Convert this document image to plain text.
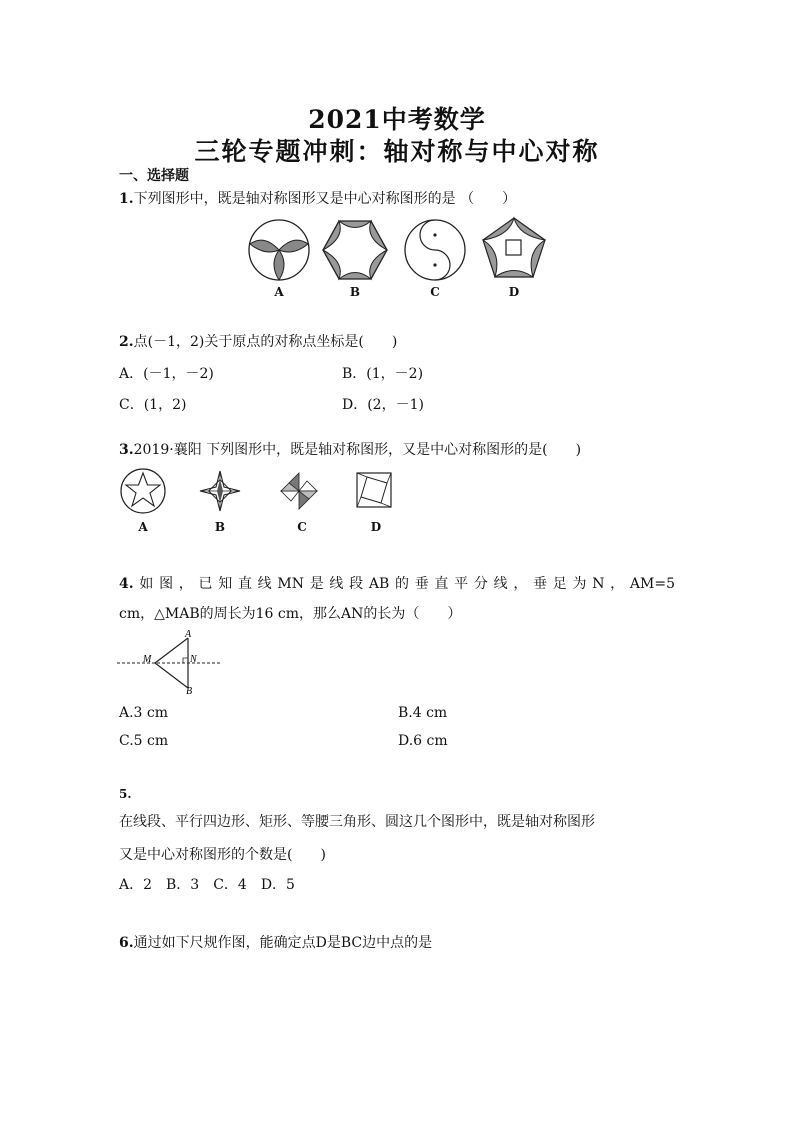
2021中考数学
三轮专题冲刺：轴对称与中心对称
一、选择题
1.下列图形中，既是轴对称图形又是中心对称图形的是 （　　）
A	B	C	D
2.点(－1，2)关于原点的对称点坐标是(　　)
A．(－1，－2)	B．(1，－2)
C．(1，2)	D．(2，－1)
3.2019·襄阳 下列图形中，既是轴对称图形，又是中心对称图形的是(　　)
A	B	C	D
4.如图，已知直线MN是线段AB的垂直平分线，垂足为N，AM=5
cm，△MAB的周长为16 cm，那么AN的长为（　　）
A
M	N
B
A.3 cm	B.4 cm
C.5 cm	D.6 cm
5.
在线段、平行四边形、矩形、等腰三角形、圆这几个图形中，既是轴对称图形
又是中心对称图形的个数是(　　)
A．2　B．3　C．4　D．5
6.通过如下尺规作图，能确定点D是BC边中点的是
